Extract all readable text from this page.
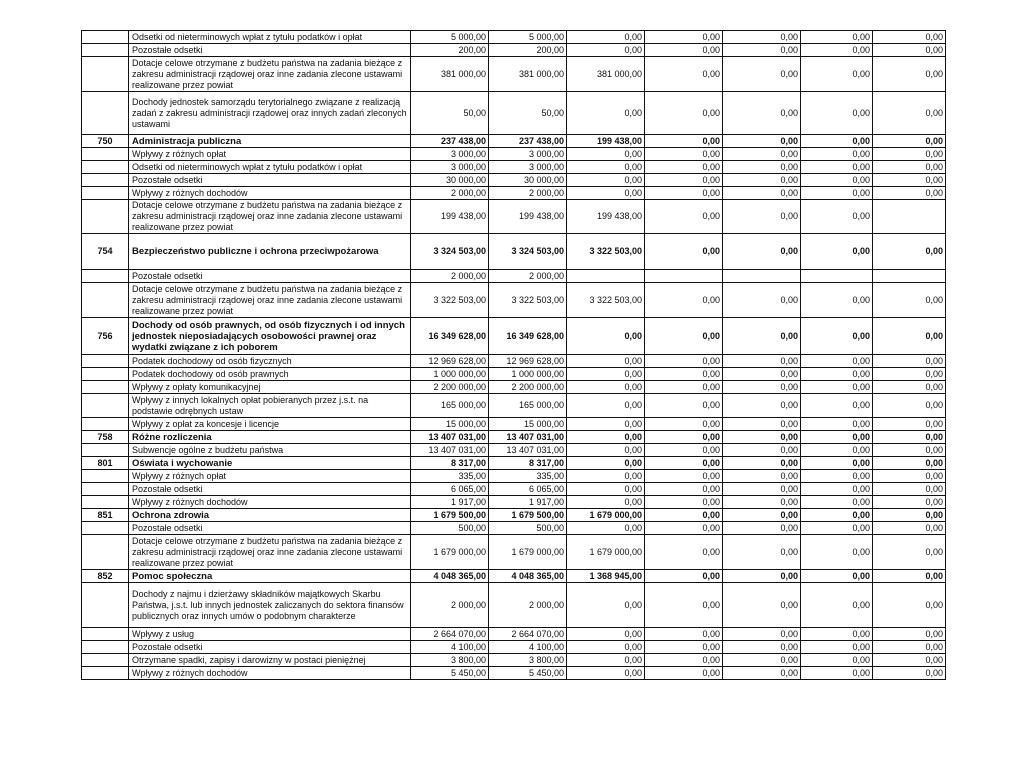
	Odsetki od nieterminowych wpłat z tytułu podatków i opłat	5 000,00	5 000,00	0,00	0,00	0,00	0,00	0,00
	Pozostałe odsetki	200,00	200,00	0,00	0,00	0,00	0,00	0,00
	Dotacje celowe otrzymane z budżetu państwa na zadania bieżące z zakresu administracji rządowej oraz inne zadania zlecone ustawami realizowane przez powiat	381 000,00	381 000,00	381 000,00	0,00	0,00	0,00	0,00
	Dochody jednostek samorządu terytorialnego związane z realizacją zadań z zakresu administracji rządowej oraz innych zadań zleconych ustawami	50,00	50,00	0,00	0,00	0,00	0,00	0,00
750	Administracja publiczna	237 438,00	237 438,00	199 438,00	0,00	0,00	0,00	0,00
	Wpływy z różnych opłat	3 000,00	3 000,00	0,00	0,00	0,00	0,00	0,00
	Odsetki od nieterminowych wpłat z tytułu podatków i opłat	3 000,00	3 000,00	0,00	0,00	0,00	0,00	0,00
	Pozostałe odsetki	30 000,00	30 000,00	0,00	0,00	0,00	0,00	0,00
	Wpływy z różnych dochodów	2 000,00	2 000,00	0,00	0,00	0,00	0,00	0,00
	Dotacje celowe otrzymane z budżetu państwa na zadania bieżące z zakresu administracji rządowej oraz inne zadania zlecone ustawami realizowane przez powiat	199 438,00	199 438,00	199 438,00	0,00	0,00	0,00	
754	Bezpieczeństwo publiczne i ochrona przeciwpożarowa	3 324 503,00	3 324 503,00	3 322 503,00	0,00	0,00	0,00	0,00
	Pozostałe odsetki	2 000,00	2 000,00					
	Dotacje celowe otrzymane z budżetu państwa na zadania bieżące z zakresu administracji rządowej oraz inne zadania zlecone ustawami realizowane przez powiat	3 322 503,00	3 322 503,00	3 322 503,00	0,00	0,00	0,00	0,00
756	Dochody od osób prawnych, od osób fizycznych i od innych jednostek nieposiadających osobowości prawnej oraz wydatki związane z ich poborem	16 349 628,00	16 349 628,00	0,00	0,00	0,00	0,00	0,00
	Podatek dochodowy od osób fizycznych	12 969 628,00	12 969 628,00	0,00	0,00	0,00	0,00	0,00
	Podatek dochodowy od osób prawnych	1 000 000,00	1 000 000,00	0,00	0,00	0,00	0,00	0,00
	Wpływy z opłaty komunikacyjnej	2 200 000,00	2 200 000,00	0,00	0,00	0,00	0,00	0,00
	Wpływy z innych lokalnych opłat pobieranych przez j.s.t. na podstawie odrębnych ustaw	165 000,00	165 000,00	0,00	0,00	0,00	0,00	0,00
	Wpływy z opłat za koncesje i licencje	15 000,00	15 000,00	0,00	0,00	0,00	0,00	0,00
758	Różne rozliczenia	13 407 031,00	13 407 031,00	0,00	0,00	0,00	0,00	0,00
	Subwencje ogólne z budżetu państwa	13 407 031,00	13 407 031,00	0,00	0,00	0,00	0,00	0,00
801	Oświata i wychowanie	8 317,00	8 317,00	0,00	0,00	0,00	0,00	0,00
	Wpływy z różnych opłat	335,00	335,00	0,00	0,00	0,00	0,00	0,00
	Pozostałe odsetki	6 065,00	6 065,00	0,00	0,00	0,00	0,00	0,00
	Wpływy z różnych dochodów	1 917,00	1 917,00	0,00	0,00	0,00	0,00	0,00
851	Ochrona zdrowia	1 679 500,00	1 679 500,00	1 679 000,00	0,00	0,00	0,00	0,00
	Pozostałe odsetki	500,00	500,00	0,00	0,00	0,00	0,00	0,00
	Dotacje celowe otrzymane z budżetu państwa na zadania bieżące z zakresu administracji rządowej oraz inne zadania zlecone ustawami realizowane przez powiat	1 679 000,00	1 679 000,00	1 679 000,00	0,00	0,00	0,00	0,00
852	Pomoc społeczna	4 048 365,00	4 048 365,00	1 368 945,00	0,00	0,00	0,00	0,00
	Dochody z najmu i dzierżawy składników majątkowych Skarbu Państwa, j.s.t. lub innych jednostek zaliczanych do sektora finansów publicznych oraz innych umów o podobnym charakterze	2 000,00	2 000,00	0,00	0,00	0,00	0,00	0,00
	Wpływy z usług	2 664 070,00	2 664 070,00	0,00	0,00	0,00	0,00	0,00
	Pozostałe odsetki	4 100,00	4 100,00	0,00	0,00	0,00	0,00	0,00
	Otrzymane spadki, zapisy i darowizny w postaci pieniężnej	3 800,00	3 800,00	0,00	0,00	0,00	0,00	0,00
	Wpływy z różnych dochodów	5 450,00	5 450,00	0,00	0,00	0,00	0,00	0,00
